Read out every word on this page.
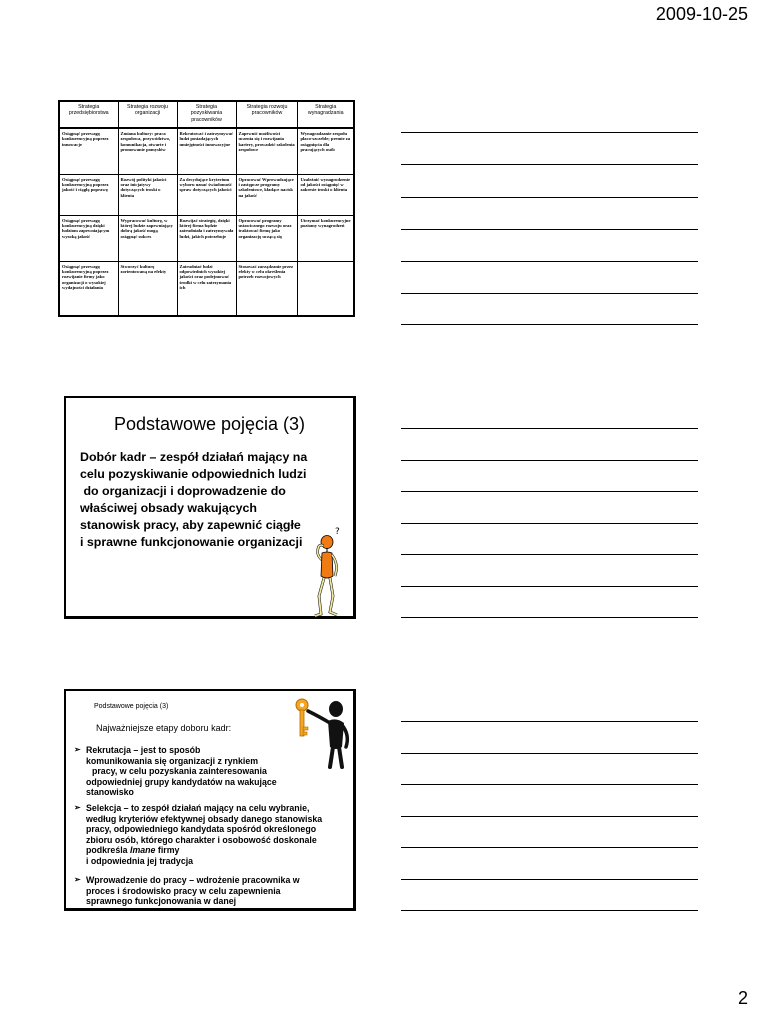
2009-10-25
Strategia przedsiębiorstwa	Strategia rozwoju organizacji	Strategia pozyskiwania pracowników	Strategia rozwoju pracowników	Strategia wynagradzania
Osiągnąć przewagę konkurencyjną poprzez innowacje	Zmiana kultury: praca zespołowa, przywództwo, komunikacja, otwarte i promowanie pomysłów	Rekrutować i zatrzymywać ludzi posiadających umiejętności innowacyjne	Zapewnić możliwości uczenia się i rozwijania kariery, prowadzić szkolenia zespołowe	Wynagradzanie zespołu płaco-szczeble; premie za osiągnięcia dla pracujących osób
Osiągnąć przewagę konkurencyjną poprzez jakość i ciągłą poprawę	Rozwój polityki jakości oraz inicjatywy dotyczących troski o klienta	Za decydujące kryterium wyboru uznać świadomość spraw dotyczących jakości	Opracować Wprowadzające i zastępcze programy szkoleniowe, kładące nacisk na jakość	Uzależnić wynagrodzenie od jakości osiągnięć w zakresie troski o klienta
Osiągnąć przewagę konkurencyjną dzięki ludziom zapewniającym wysoką jakość	Wypracować kulturę, w której ludzie zapewniający dobrą jakość mogą osiągnąć sukces	Rozwijać strategię, dzięki której firma będzie zatrudniała i zatrzymywała ludzi, jakich potrzebuje	Opracować programy ustawicznego rozwoju oraz traktować firmę jako organizację uczącą się	Utrzymać konkurencyjne poziomy wynagrodzeń
Osiągnąć przewagę konkurencyjną poprzez rozwijanie firmy jako organizacji o wysokiej wydajności działania	Stworzyć kulturę zorientowaną na efekty	Zatrudniać ludzi odpowiednich wysokiej jakości oraz podejmować środki w celu zatrzymania ich	Stosować zarządzanie przez efekty w celu określenia potrzeb rozwojowych	
Podstawowe pojęcia (3)
Dobór kadr – zespół działań mający na
celu pozyskiwanie odpowiednich ludzi
do organizacji i doprowadzenie do
właściwej obsady wakujących
stanowisk pracy, aby zapewnić ciągłe
i sprawne funkcjonowanie organizacji
?
Podstawowe pojęcia (3)
Najważniejsze etapy doboru kadr:
➢ Rekrutacja – jest to sposób
komunikowania się organizacji z rynkiem
pracy, w celu pozyskania zainteresowania
odpowiedniej grupy kandydatów na wakujące
stanowisko
➢ Selekcja – to zespół działań mający na celu wybranie,
według kryteriów efektywnej obsady danego stanowiska
pracy, odpowiedniego kandydata spośród określonego
zbioru osób, którego charakter i osobowość doskonale
podkreśla Imane firmy
i odpowiednia jej tradycja
➢ Wprowadzenie do pracy – wdrożenie pracownika w
proces i środowisko pracy w celu zapewnienia
sprawnego funkcjonowania w danej
2
